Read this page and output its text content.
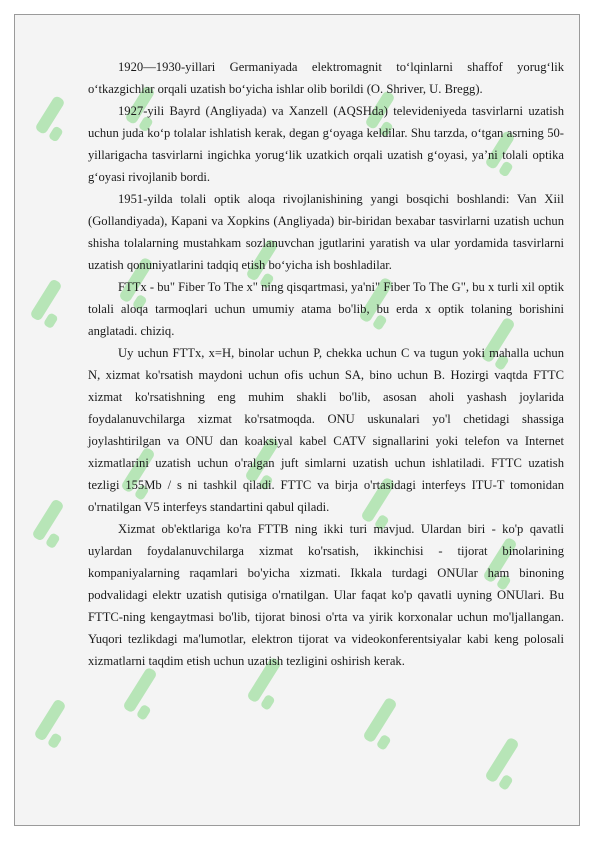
1920—1930-yillari Germaniyada elektromagnit to‘lqinlarni shaffof yorug‘lik o‘tkazgichlar orqali uzatish bo‘yicha ishlar olib borildi (O. Shriver, U. Bregg).

1927-yili Bayrd (Angliyada) va Xanzell (AQSHda) televideniyeda tasvirlarni uzatish uchun juda ko‘p tolalar ishlatish kerak, degan g‘oyaga keldilar. Shu tarzda, o‘tgan asrning 50-yillarigacha tasvirlarni ingichka yorug‘lik uzatkich orqali uzatish g‘oyasi, ya’ni tolali optika g‘oyasi rivojlanib bordi.

1951-yilda tolali optik aloqa rivojlanishining yangi bosqichi boshlandi: Van Xiil (Gollandiyada), Kapani va Xopkins (Angliyada) bir-biridan bexabar tasvirlarni uzatish uchun shisha tolalarning mustahkam sozlanuvchan jgutlarini yaratish va ular yordamida tasvirlarni uzatish qonuniyatlarini tadqiq etish bo‘yicha ish boshladilar.

FTTx - bu" Fiber To The x" ning qisqartmasi, ya'ni" Fiber To The G", bu x turli xil optik tolali aloqa tarmoqlari uchun umumiy atama bo'lib, bu erda x optik tolaning borishini anglatadi. chiziq.

Uy uchun FTTx, x=H, binolar uchun P, chekka uchun C va tugun yoki mahalla uchun N, xizmat ko'rsatish maydoni uchun ofis uchun SA, bino uchun B. Hozirgi vaqtda FTTC xizmat ko'rsatishning eng muhim shakli bo'lib, asosan aholi yashash joylarida foydalanuvchilarga xizmat ko'rsatmoqda. ONU uskunalari yo'l chetidagi shassiga joylashtirilgan va ONU dan koaksiyal kabel CATV signallarini yoki telefon va Internet xizmatlarini uzatish uchun o'ralgan juft simlarni uzatish uchun ishlatiladi. FTTC uzatish tezligi 155Mb / s ni tashkil qiladi. FTTC va birja o'rtasidagi interfeys ITU-T tomonidan o'rnatilgan V5 interfeys standartini qabul qiladi.

Xizmat ob'ektlariga ko'ra FTTB ning ikki turi mavjud. Ulardan biri - ko'p qavatli uylardan foydalanuvchilarga xizmat ko'rsatish, ikkinchisi - tijorat binolarining kompaniyalarning raqamlari bo'yicha xizmati. Ikkala turdagi ONUlar ham binoning podvalidagi elektr uzatish qutisiga o'rnatilgan. Ular faqat ko'p qavatli uyning ONUlari. Bu FTTC-ning kengaytmasi bo'lib, tijorat binosi o'rta va yirik korxonalar uchun mo'ljallangan. Yuqori tezlikdagi ma'lumotlar, elektron tijorat va videokonferentsiyalar kabi keng polosali xizmatlarni taqdim etish uchun uzatish tezligini oshirish kerak.
